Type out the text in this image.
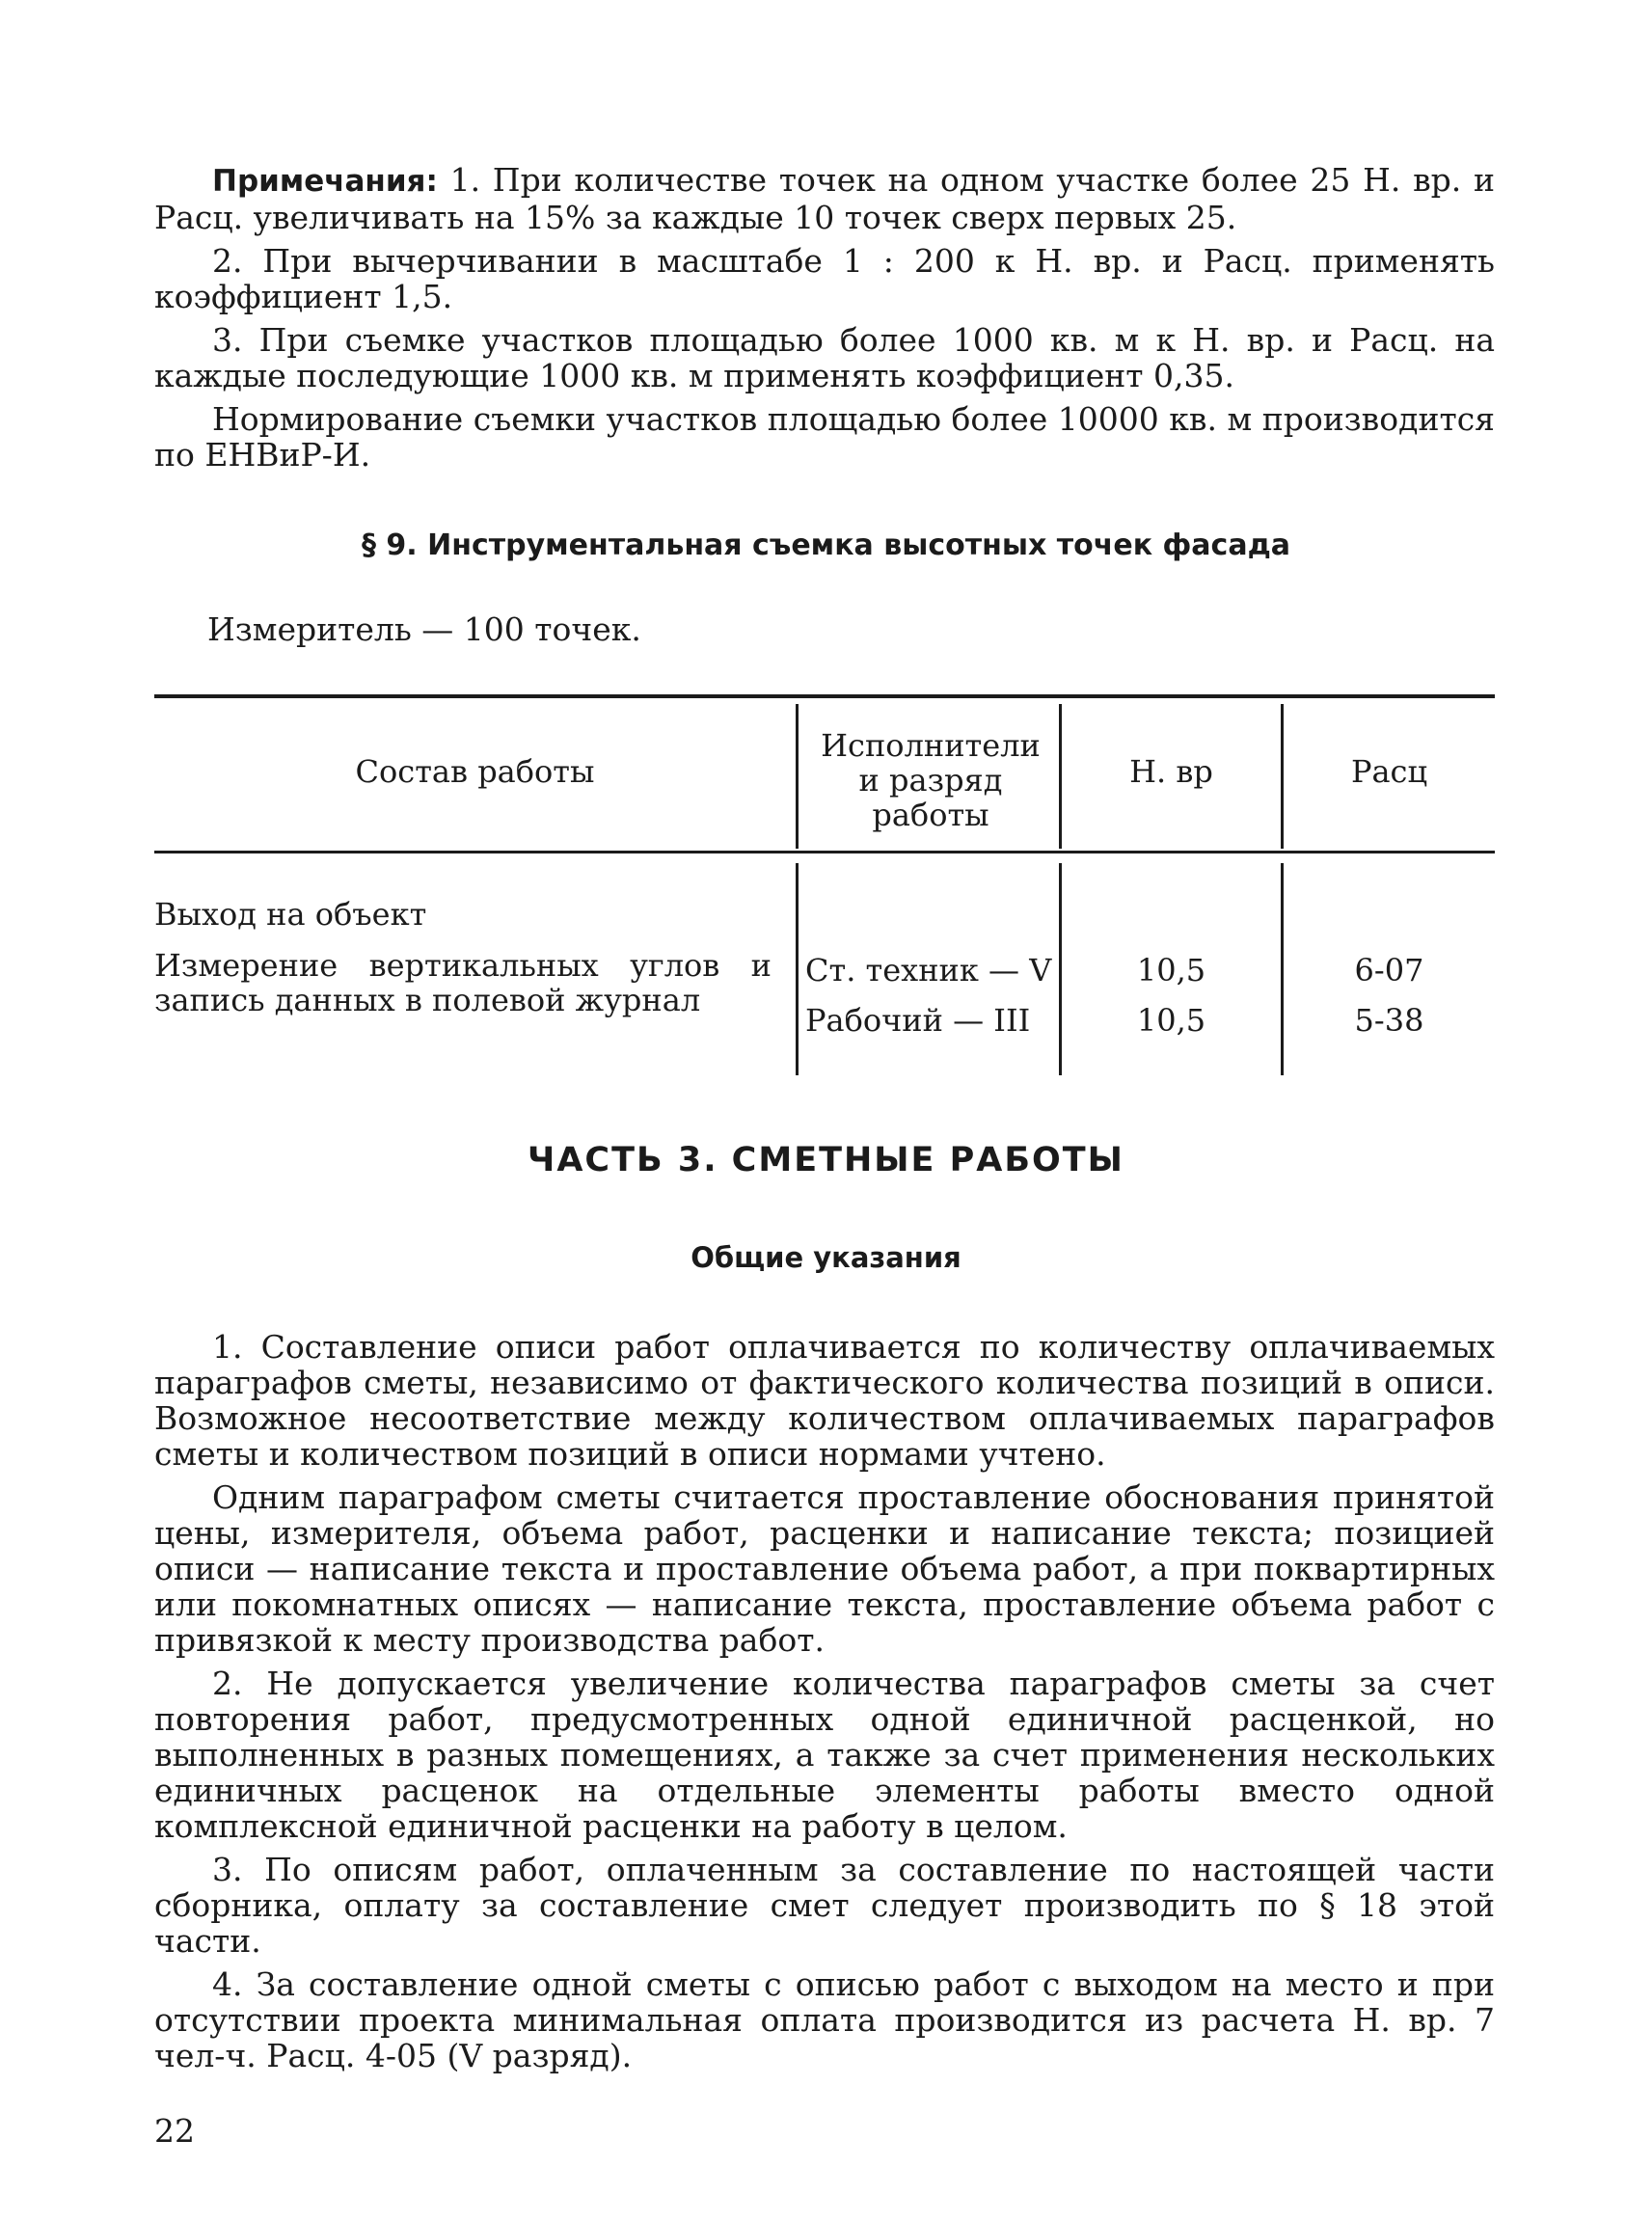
Примечания: 1. При количестве точек на одном участке более 25 Н. вр. и Расц. увеличивать на 15% за каждые 10 точек сверх первых 25.

2. При вычерчивании в масштабе 1 : 200 к Н. вр. и Расц. применять коэффициент 1,5.

3. При съемке участков площадью более 1000 кв. м к Н. вр. и Расц. на каждые последующие 1000 кв. м применять коэффициент 0,35.

Нормирование съемки участков площадью более 10000 кв. м производится по ЕНВиР-И.

§ 9. Инструментальная съемка высотных точек фасада
Измеритель — 100 точек.
Состав работы
Исполнители и разряд работы
Н. вр	Расц
Выход на объект
Измерение вертикальных углов и запись данных в полевой журнал
Ст. техник — V
Рабочий — III
10,5
10,5
6-07
5-38
ЧАСТЬ 3. СМЕТНЫЕ РАБОТЫ
Общие указания

1. Составление описи работ оплачивается по количеству оплачиваемых параграфов сметы, независимо от фактического количества позиций в описи. Возможное несоответствие между количеством оплачиваемых параграфов сметы и количеством позиций в описи нормами учтено.

Одним параграфом сметы считается проставление обоснования принятой цены, измерителя, объема работ, расценки и написание текста; позицией описи — написание текста и проставление объема работ, а при поквартирных или покомнатных описях — написание текста, проставление объема работ с привязкой к месту производства работ.

2. Не допускается увеличение количества параграфов сметы за счет повторения работ, предусмотренных одной единичной расценкой, но выполненных в разных помещениях, а также за счет применения нескольких единичных расценок на отдельные элементы работы вместо одной комплексной единичной расценки на работу в целом.

3. По описям работ, оплаченным за составление по настоящей части сборника, оплату за составление смет следует производить по § 18 этой части.

4. За составление одной сметы с описью работ с выходом на место и при отсутствии проекта минимальная оплата производится из расчета Н. вр. 7 чел-ч. Расц. 4-05 (V разряд).

22
